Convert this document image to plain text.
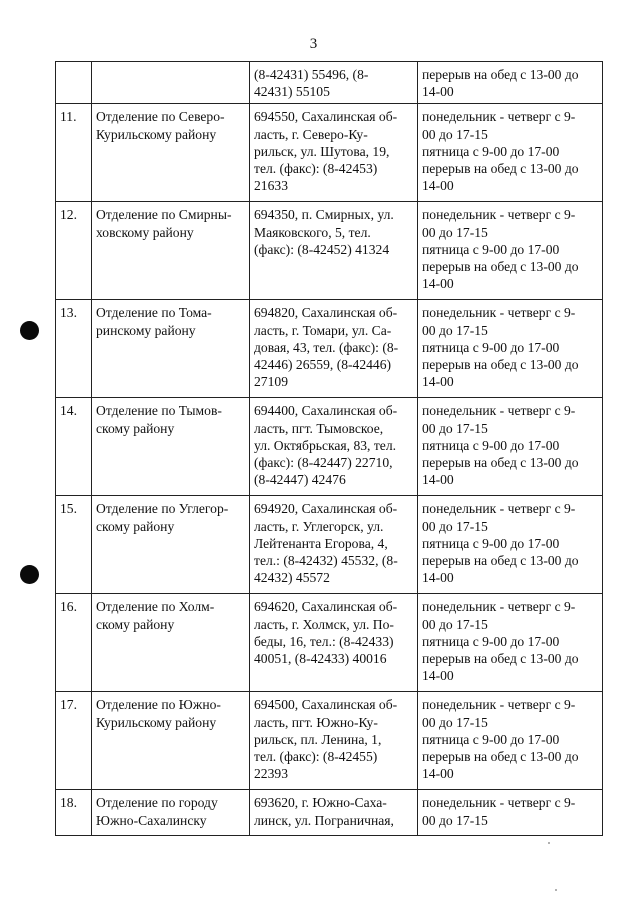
3
		(8-42431) 55496, (8-
42431) 55105	перерыв на обед с 13-00 до
14-00
11.	Отделение по Северо-
Курильскому району	694550, Сахалинская об-
ласть, г. Северо-Ку-
рильск, ул. Шутова, 19,
тел. (факс): (8-42453)
21633	понедельник - четверг с 9-
00 до 17-15
пятница с 9-00 до 17-00
перерыв на обед с 13-00 до
14-00
12.	Отделение по Смирны-
ховскому району	694350, п. Смирных, ул.
Маяковского, 5, тел.
(факс): (8-42452) 41324	понедельник - четверг с 9-
00 до 17-15
пятница с 9-00 до 17-00
перерыв на обед с 13-00 до
14-00
13.	Отделение по Тома-
ринскому району	694820, Сахалинская об-
ласть, г. Томари, ул. Са-
довая, 43, тел. (факс): (8-
42446) 26559, (8-42446)
27109	понедельник - четверг с 9-
00 до 17-15
пятница с 9-00 до 17-00
перерыв на обед с 13-00 до
14-00
14.	Отделение по Тымов-
скому району	694400, Сахалинская об-
ласть, пгт. Тымовское,
ул. Октябрьская, 83, тел.
(факс): (8-42447) 22710,
(8-42447) 42476	понедельник - четверг с 9-
00 до 17-15
пятница с 9-00 до 17-00
перерыв на обед с 13-00 до
14-00
15.	Отделение по Углегор-
скому району	694920, Сахалинская об-
ласть, г. Углегорск, ул.
Лейтенанта Егорова, 4,
тел.: (8-42432) 45532, (8-
42432) 45572	понедельник - четверг с 9-
00 до 17-15
пятница с 9-00 до 17-00
перерыв на обед с 13-00 до
14-00
16.	Отделение по Холм-
скому району	694620, Сахалинская об-
ласть, г. Холмск, ул. По-
беды, 16, тел.: (8-42433)
40051, (8-42433) 40016	понедельник - четверг с 9-
00 до 17-15
пятница с 9-00 до 17-00
перерыв на обед с 13-00 до
14-00
17.	Отделение по Южно-
Курильскому району	694500, Сахалинская об-
ласть, пгт. Южно-Ку-
рильск, пл. Ленина, 1,
тел. (факс): (8-42455)
22393	понедельник - четверг с 9-
00 до 17-15
пятница с 9-00 до 17-00
перерыв на обед с 13-00 до
14-00
18.	Отделение по городу
Южно-Сахалинску	693620, г. Южно-Саха-
линск, ул. Пограничная,	понедельник - четверг с 9-
00 до 17-15
